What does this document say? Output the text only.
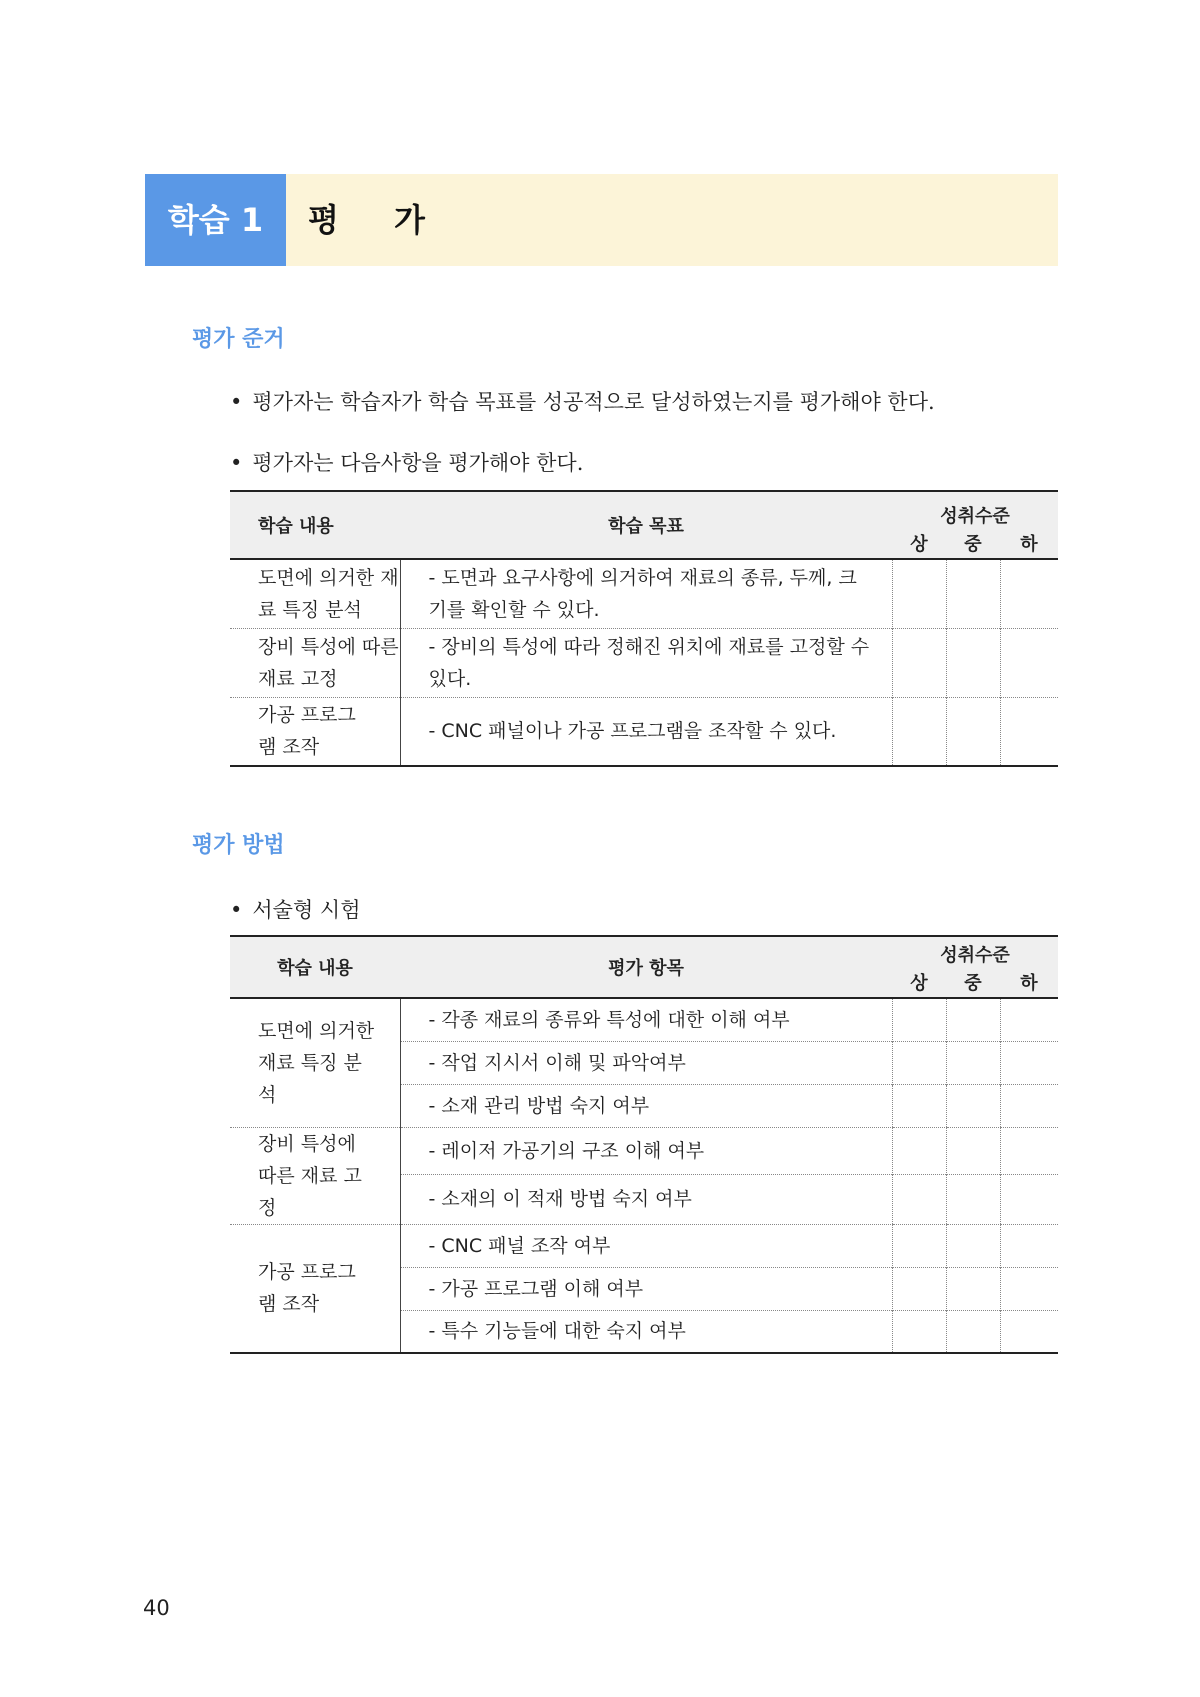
학습 1	평 가
평가 준거
• 평가자는 학습자가 학습 목표를 성공적으로 달성하였는지를 평가해야 한다.
• 평가자는 다음사항을 평가해야 한다.
학습 내용	학습 목표	성취수준		
		상	중	하
도면에 의거한 재료 특징 분석	- 도면과 요구사항에 의거하여 재료의 종류, 두께, 크기를 확인할 수 있다.			
장비 특성에 따른 재료 고정	- 장비의 특성에 따라 정해진 위치에 재료를 고정할 수 있다.			
가공 프로그램 조작	- CNC 패널이나 가공 프로그램을 조작할 수 있다.			
평가 방법
• 서술형 시험
학습 내용	평가 항목	성취수준		
		상	중	하
도면에 의거한 재료 특징 분석	- 각종 재료의 종류와 특성에 대한 이해 여부			
	- 작업 지시서 이해 및 파악여부			
	- 소재 관리 방법 숙지 여부			
장비 특성에 따른 재료 고정	- 레이저 가공기의 구조 이해 여부			
	- 소재의 이 적재 방법 숙지 여부			
가공 프로그램 조작	- CNC 패널 조작 여부			
	- 가공 프로그램 이해 여부			
	- 특수 기능들에 대한 숙지 여부			
40
